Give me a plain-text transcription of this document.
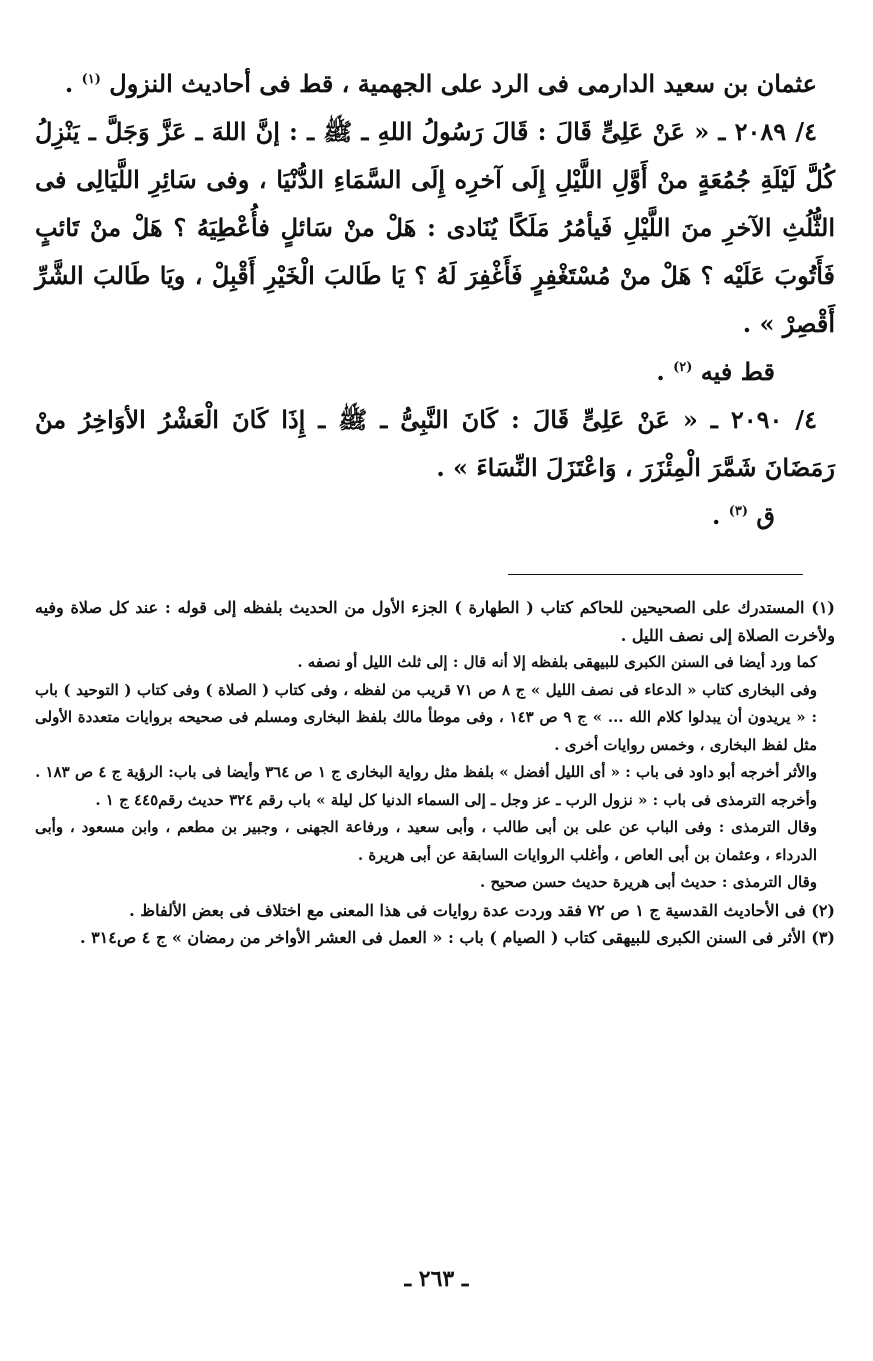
عثمان بن سعيد الدارمى فى الرد على الجهمية ، قط فى أحاديث النزول $^{(١)}$ .

٤/ ٢٠٨٩ ـ « عَنْ عَلِىٍّ قَالَ : قَالَ رَسُولُ اللهِ ـ ﷺ ـ : إنَّ اللهَ ـ عَزَّ وَجَلَّ ـ يَنْزِلُ كُلَّ لَيْلَةِ جُمُعَةٍ منْ أَوَّلِ اللَّيْلِ إِلَى آخرِه إِلَى السَّمَاءِ الدُّنْيَا ، وفى سَائِرِ اللَّيَالِى فى الثُّلُثِ الآخرِ منَ اللَّيْلِ فَيأمُرُ مَلَكًا يُنَادى : هَلْ منْ سَائلٍ فأُعْطِيَهُ ؟ هَلْ منْ تَائبٍ فَأَتُوبَ عَلَيْه ؟ هَلْ منْ مُسْتَغْفِرٍ فَأَغْفِرَ لَهُ ؟ يَا طَالبَ الْخَيْرِ أَقْبِلْ ، ويَا طَالبَ الشَّرِّ أَقْصِرْ » .

قط فيه $^{(٢)}$ .

٤/ ٢٠٩٠ ـ « عَنْ عَلِىٍّ قَالَ : كَانَ النَّبِىُّ ـ ﷺ ـ إِذَا كَانَ الْعَشْرُ الأوَاخِرُ منْ رَمَضَانَ شَمَّرَ الْمِئْزَرَ ، وَاعْتَزَلَ النِّسَاءَ » .

ق $^{(٣)}$ .

(١) المستدرك على الصحيحين للحاكم كتاب ( الطهارة ) الجزء الأول من الحديث بلفظه إلى قوله : عند كل صلاة وفيه ولأخرت الصلاة إلى نصف الليل .

كما ورد أيضا فى السنن الكبرى للبيهقى بلفظه إلا أنه قال : إلى ثلث الليل أو نصفه .

وفى البخارى كتاب « الدعاء فى نصف الليل » ج ٨ ص ٧١ قريب من لفظه ، وفى كتاب ( الصلاة ) وفى كتاب ( التوحيد ) باب : « يريدون أن يبدلوا كلام الله ... » ج ٩ ص ١٤٣ ، وفى موطأ مالك بلفظ البخارى ومسلم فى صحيحه بروايات متعددة الأولى مثل لفظ البخارى ، وخمس روايات أخرى .

والأثر أخرجه أبو داود فى باب : « أى الليل أفضل » بلفظ مثل رواية البخارى ج ١ ص ٣٦٤ وأيضا فى باب: الرؤية ج ٤ ص ١٨٣ .

وأخرجه الترمذى فى باب : « نزول الرب ـ عز وجل ـ إلى السماء الدنيا كل ليلة » باب رقم ٣٢٤ حديث رقم٤٤٥ ج ١ .

وقال الترمذى : وفى الباب عن على بن أبى طالب ، وأبى سعيد ، ورفاعة الجهنى ، وجبير بن مطعم ، وابن مسعود ، وأبى الدرداء ، وعثمان بن أبى العاص ، وأغلب الروايات السابقة عن أبى هريرة .

وقال الترمذى : حديث أبى هريرة حديث حسن صحيح .

(٢) فى الأحاديث القدسية ج ١ ص ٧٢ فقد وردت عدة روايات فى هذا المعنى مع اختلاف فى بعض الألفاظ .

(٣) الأثر فى السنن الكبرى للبيهقى كتاب ( الصيام ) باب : « العمل فى العشر الأواخر من رمضان » ج ٤ ص٣١٤ .

ـ ٢٦٣ ـ
